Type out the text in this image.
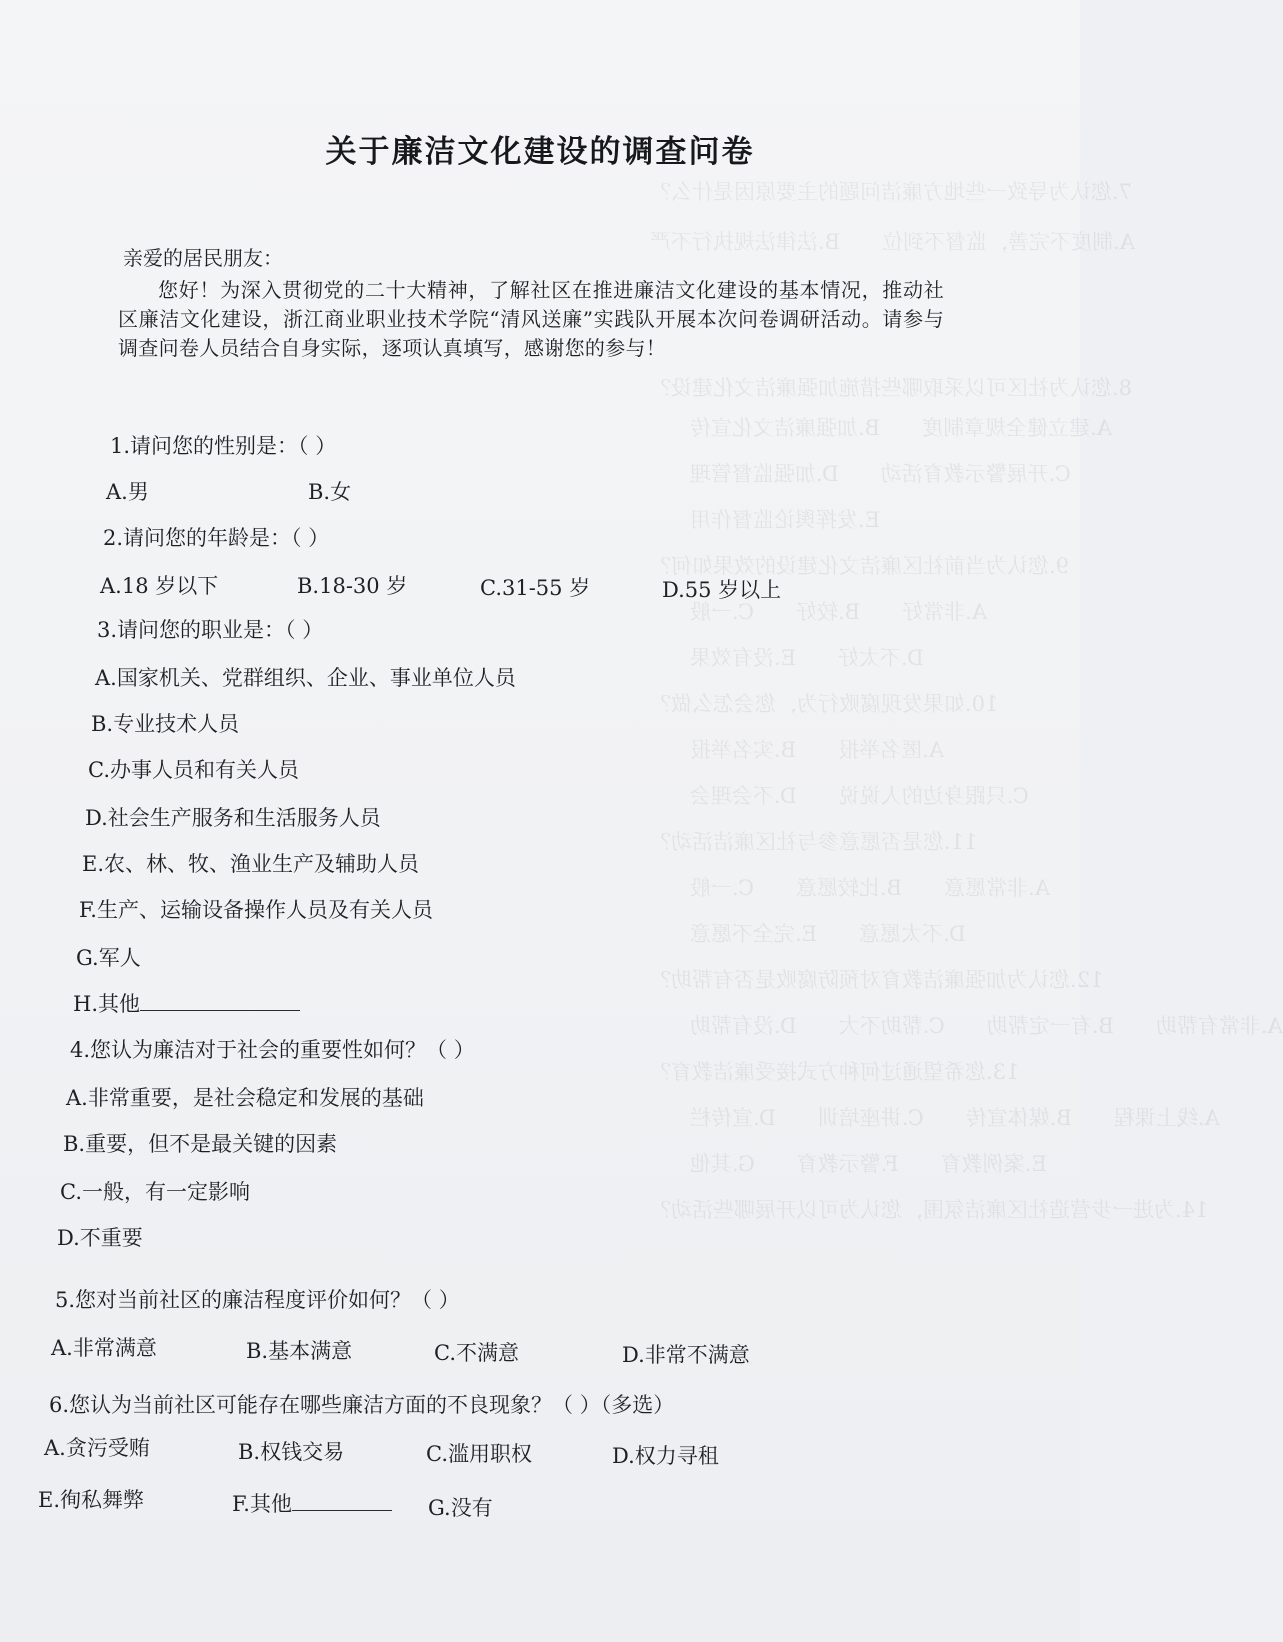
7.您认为导致一些地方廉洁问题的主要原因是什么？
A.制度不完善，监督不到位　　B.法律法规执行不严
8.您认为社区可以采取哪些措施加强廉洁文化建设？
A.建立健全规章制度　　B.加强廉洁文化宣传
C.开展警示教育活动　　D.加强监督管理
E.发挥舆论监督作用
9.您认为当前社区廉洁文化建设的效果如何？
A.非常好　　B.较好　　C.一般
D.不太好　　E.没有效果
10.如果发现腐败行为，您会怎么做？
A.匿名举报　　B.实名举报
C.只跟身边的人说说　　D.不会理会
11.您是否愿意参与社区廉洁活动？
A.非常愿意　　B.比较愿意　　C.一般
D.不太愿意　　E.完全不愿意
12.您认为加强廉洁教育对预防腐败是否有帮助？
A.非常有帮助　　B.有一定帮助　　C.帮助不大　　D.没有帮助
13.您希望通过何种方式接受廉洁教育？
A.线上课程　　B.媒体宣传　　C.讲座培训　　D.宣传栏
E.案例教育　　F.警示教育　　G.其他
14.为进一步营造社区廉洁氛围，您认为可以开展哪些活动？
关于廉洁文化建设的调查问卷
亲爱的居民朋友：

您好！为深入贯彻党的二十大精神，了解社区在推进廉洁文化建设的基本情况，推动社区廉洁文化建设，浙江商业职业技术学院“清风送廉”实践队开展本次问卷调研活动。请参与调查问卷人员结合自身实际，逐项认真填写，感谢您的参与！

1.请问您的性别是：（ ）
A.男	B.女
2.请问您的年龄是：（ ）
A.18 岁以下	B.18-30 岁	C.31-55 岁	D.55 岁以上
3.请问您的职业是：（ ）
A.国家机关、党群组织、企业、事业单位人员
B.专业技术人员
C.办事人员和有关人员
D.社会生产服务和生活服务人员
E.农、林、牧、渔业生产及辅助人员
F.生产、运输设备操作人员及有关人员
G.军人
H.其他
4.您认为廉洁对于社会的重要性如何？（ ）
A.非常重要，是社会稳定和发展的基础
B.重要，但不是最关键的因素
C.一般，有一定影响
D.不重要
5.您对当前社区的廉洁程度评价如何？（ ）
A.非常满意	B.基本满意	C.不满意	D.非常不满意
6.您认为当前社区可能存在哪些廉洁方面的不良现象？（ ）（多选）
A.贪污受贿	B.权钱交易	C.滥用职权	D.权力寻租
E.徇私舞弊	F.其他	G.没有
